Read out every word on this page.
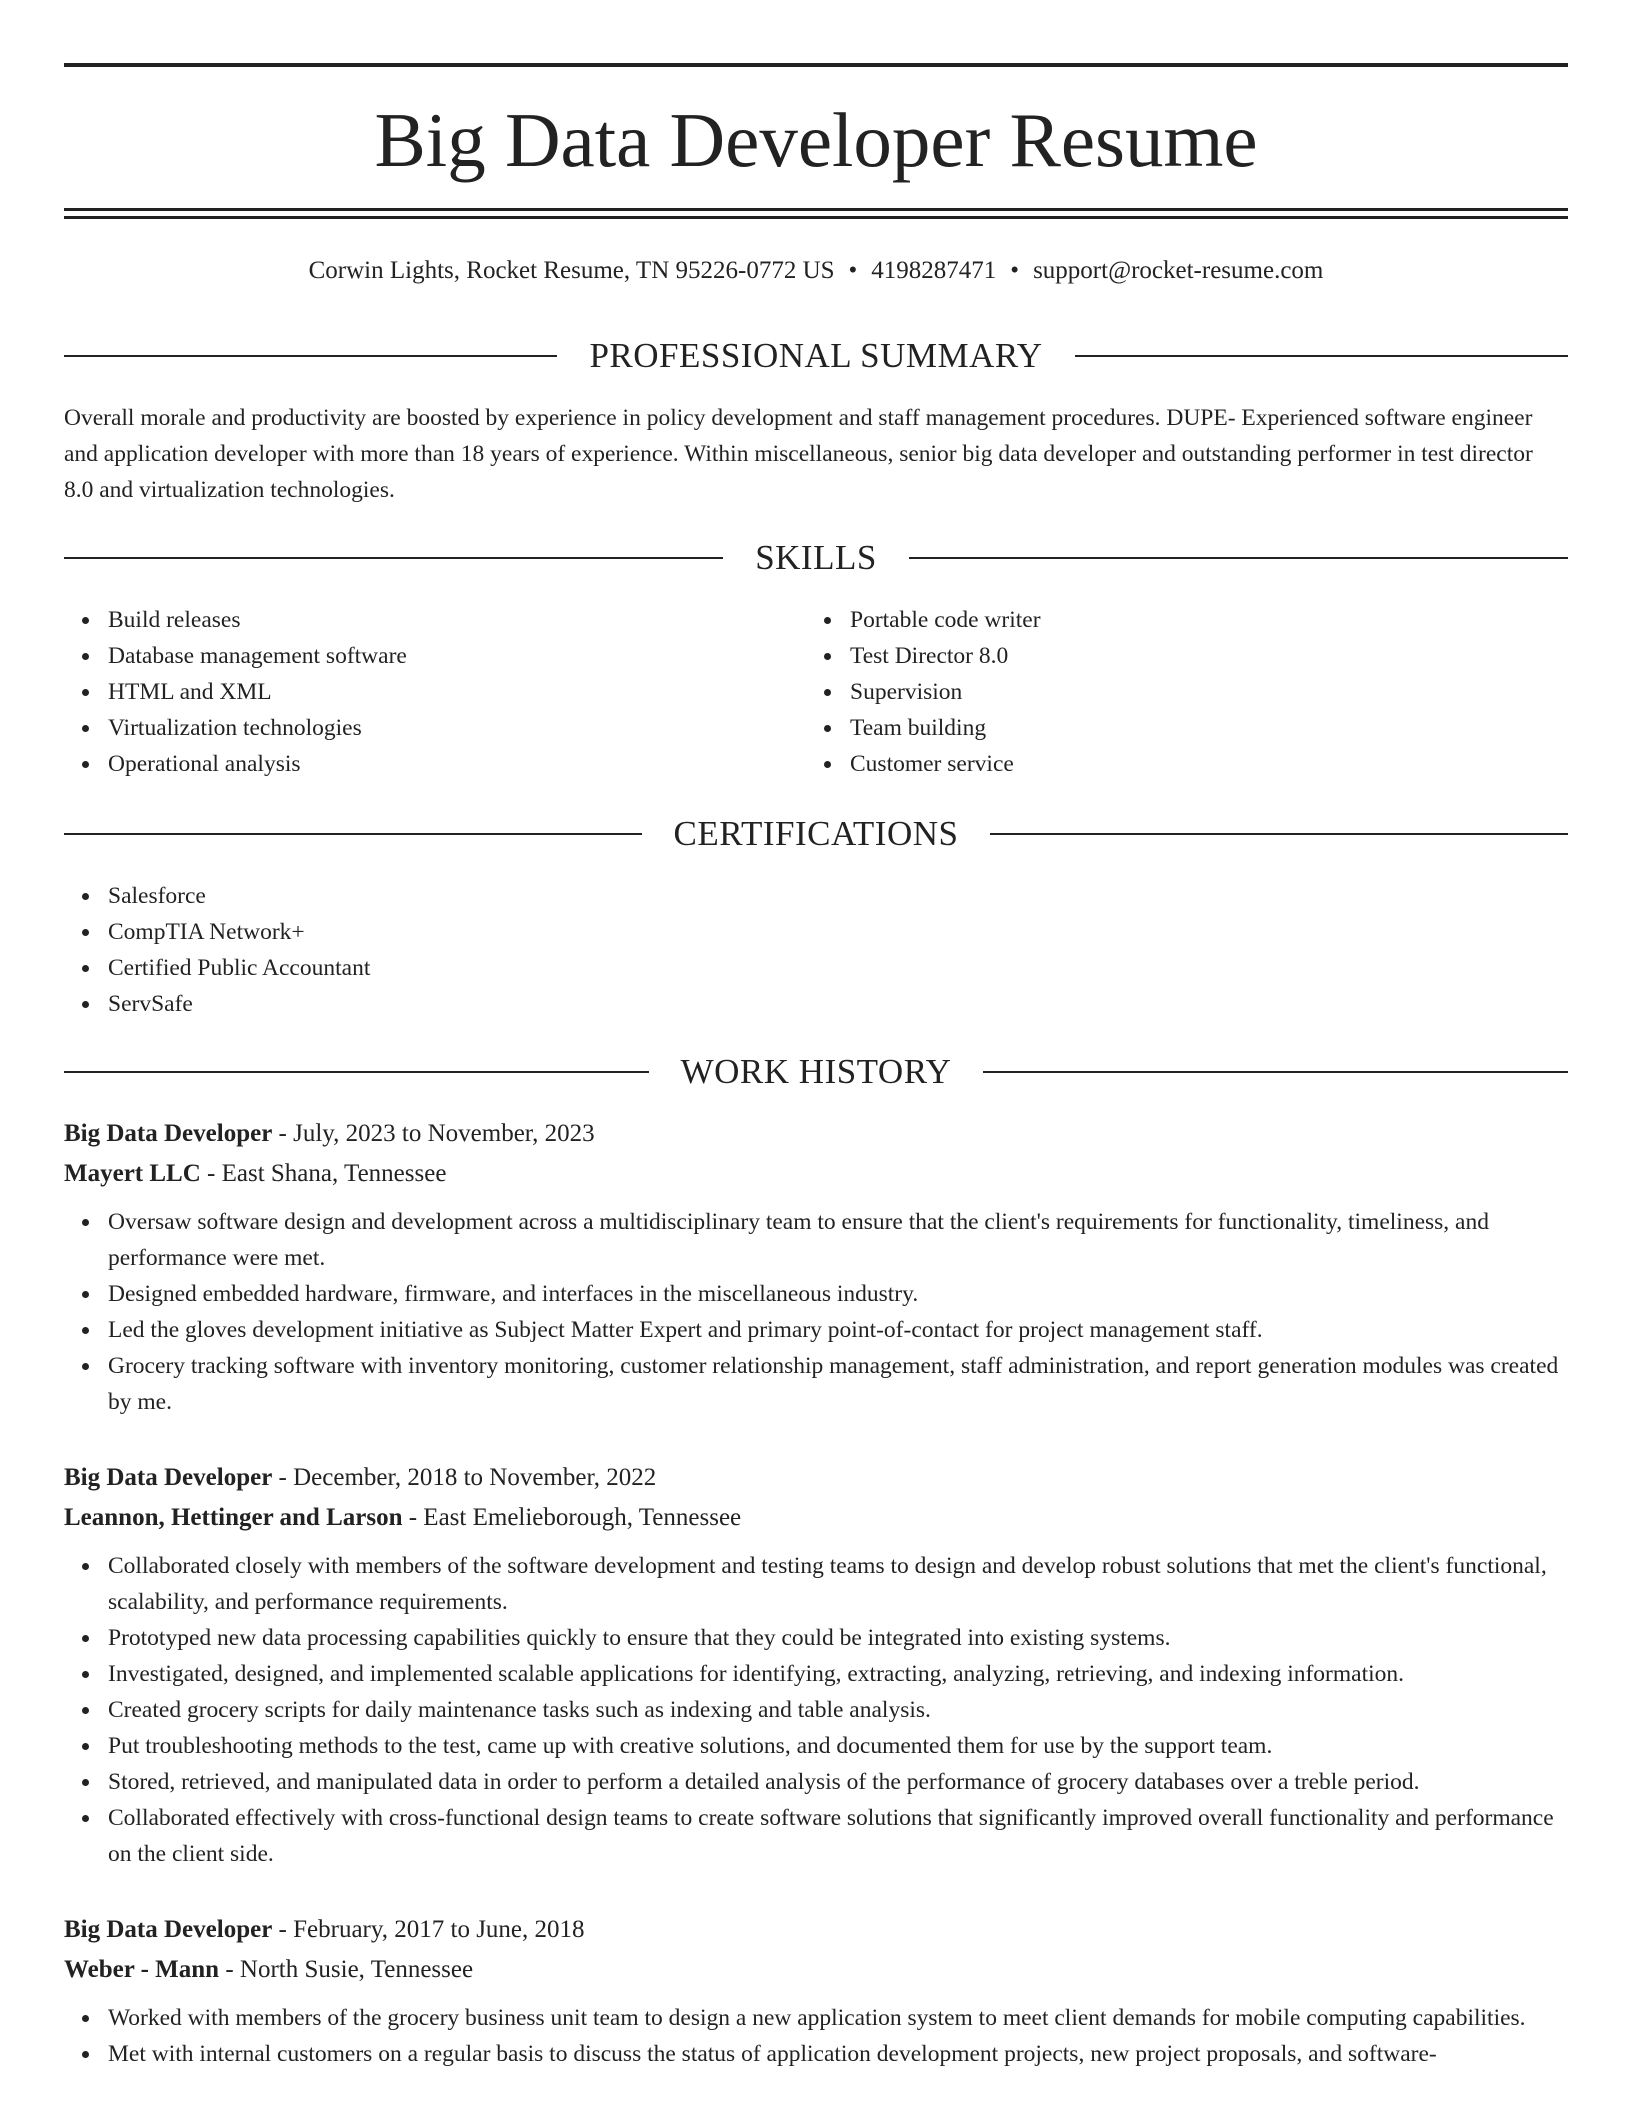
Big Data Developer Resume
Corwin Lights, Rocket Resume, TN 95226-0772 US • 4198287471 • support@rocket-resume.com
PROFESSIONAL SUMMARY

Overall morale and productivity are boosted by experience in policy development and staff management procedures. DUPE- Experienced software engineer and application developer with more than 18 years of experience. Within miscellaneous, senior big data developer and outstanding performer in test director 8.0 and virtualization technologies.

SKILLS
Build releases
Database management software
HTML and XML
Virtualization technologies
Operational analysis
Portable code writer
Test Director 8.0
Supervision
Team building
Customer service
CERTIFICATIONS
Salesforce
CompTIA Network+
Certified Public Accountant
ServSafe
WORK HISTORY
Big Data Developer - July, 2023 to November, 2023
Mayert LLC - East Shana, Tennessee
Oversaw software design and development across a multidisciplinary team to ensure that the client's requirements for functionality, timeliness, and performance were met.
Designed embedded hardware, firmware, and interfaces in the miscellaneous industry.
Led the gloves development initiative as Subject Matter Expert and primary point-of-contact for project management staff.
Grocery tracking software with inventory monitoring, customer relationship management, staff administration, and report generation modules was created by me.
Big Data Developer - December, 2018 to November, 2022
Leannon, Hettinger and Larson - East Emelieborough, Tennessee
Collaborated closely with members of the software development and testing teams to design and develop robust solutions that met the client's functional, scalability, and performance requirements.
Prototyped new data processing capabilities quickly to ensure that they could be integrated into existing systems.
Investigated, designed, and implemented scalable applications for identifying, extracting, analyzing, retrieving, and indexing information.
Created grocery scripts for daily maintenance tasks such as indexing and table analysis.
Put troubleshooting methods to the test, came up with creative solutions, and documented them for use by the support team.
Stored, retrieved, and manipulated data in order to perform a detailed analysis of the performance of grocery databases over a treble period.
Collaborated effectively with cross-functional design teams to create software solutions that significantly improved overall functionality and performance on the client side.
Big Data Developer - February, 2017 to June, 2018
Weber - Mann - North Susie, Tennessee
Worked with members of the grocery business unit team to design a new application system to meet client demands for mobile computing capabilities.
Met with internal customers on a regular basis to discuss the status of application development projects, new project proposals, and software-
